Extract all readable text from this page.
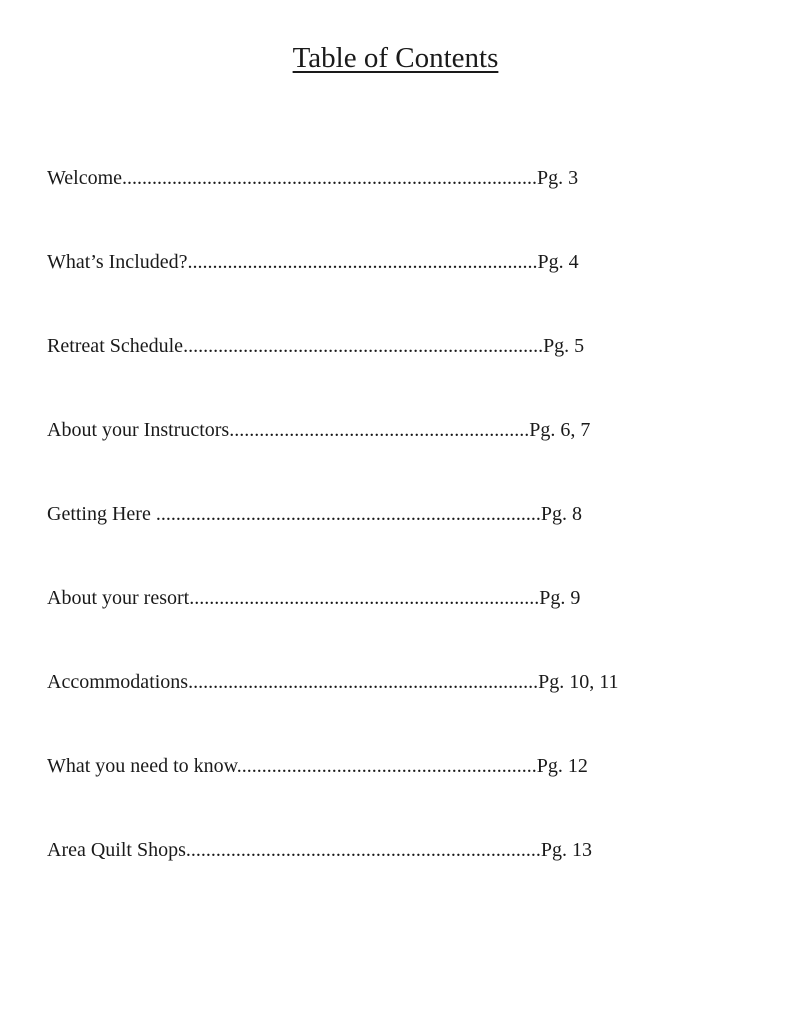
Table of Contents
Welcome...................................................................................Pg. 3
What’s Included?......................................................................Pg. 4
Retreat Schedule........................................................................Pg. 5
About your Instructors............................................................Pg. 6, 7
Getting Here .............................................................................Pg. 8
About your resort......................................................................Pg. 9
Accommodations......................................................................Pg. 10, 11
What you need to know............................................................Pg. 12
Area Quilt Shops.......................................................................Pg. 13
